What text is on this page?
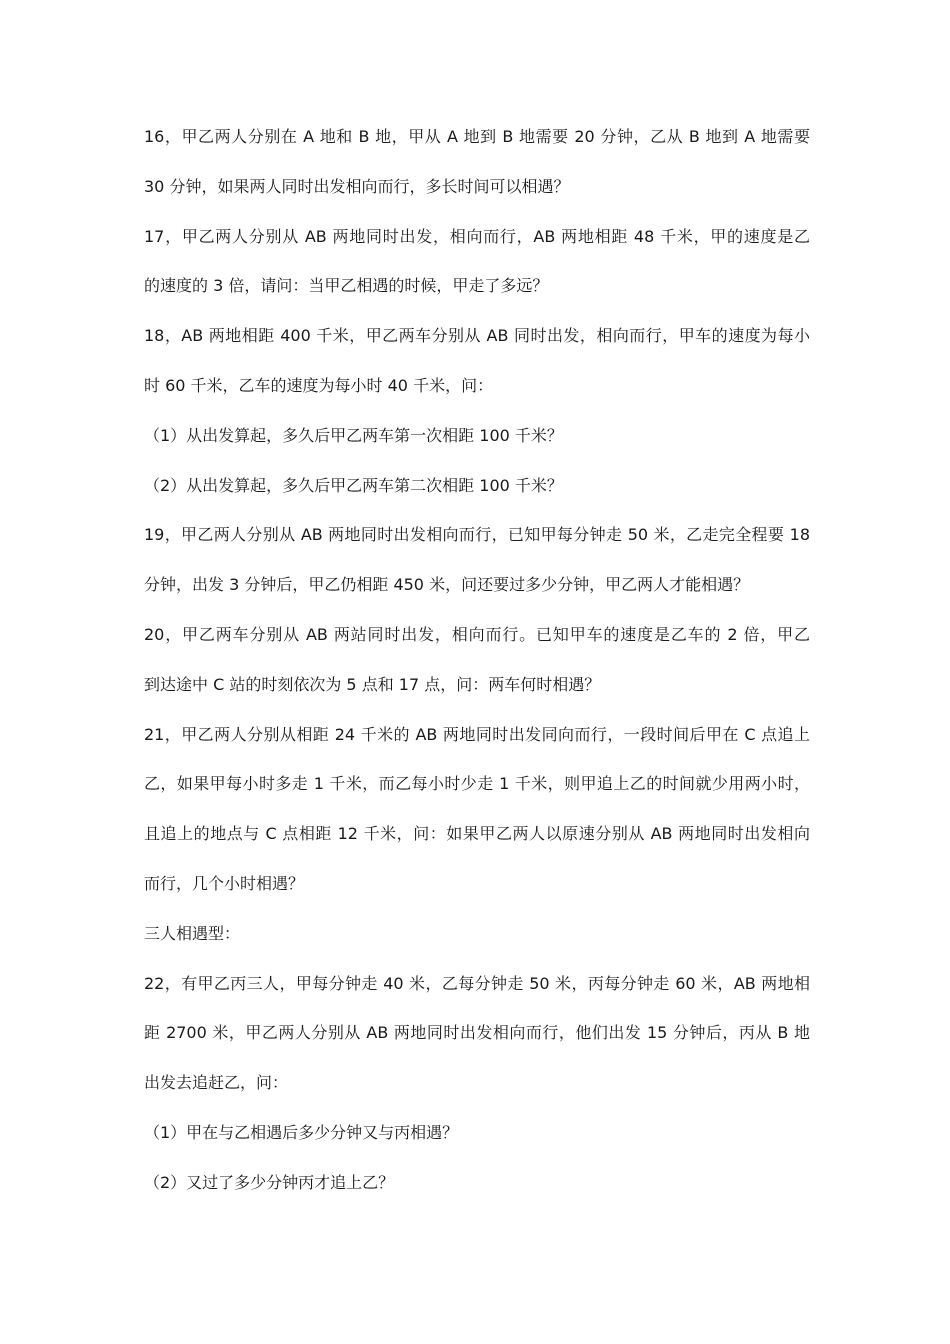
16，甲乙两人分别在 A 地和 B 地，甲从 A 地到 B 地需要 20 分钟，乙从 B 地到 A 地需要
30 分钟，如果两人同时出发相向而行，多长时间可以相遇？
17，甲乙两人分别从 AB 两地同时出发，相向而行，AB 两地相距 48 千米，甲的速度是乙
的速度的 3 倍，请问：当甲乙相遇的时候，甲走了多远？
18，AB 两地相距 400 千米，甲乙两车分别从 AB 同时出发，相向而行，甲车的速度为每小
时 60 千米，乙车的速度为每小时 40 千米，问：
（1）从出发算起，多久后甲乙两车第一次相距 100 千米？
（2）从出发算起，多久后甲乙两车第二次相距 100 千米？
19，甲乙两人分别从 AB 两地同时出发相向而行，已知甲每分钟走 50 米，乙走完全程要 18
分钟，出发 3 分钟后，甲乙仍相距 450 米，问还要过多少分钟，甲乙两人才能相遇？
20，甲乙两车分别从 AB 两站同时出发，相向而行。已知甲车的速度是乙车的 2 倍，甲乙
到达途中 C 站的时刻依次为 5 点和 17 点，问：两车何时相遇？
21，甲乙两人分别从相距 24 千米的 AB 两地同时出发同向而行，一段时间后甲在 C 点追上
乙，如果甲每小时多走 1 千米，而乙每小时少走 1 千米，则甲追上乙的时间就少用两小时，
且追上的地点与 C 点相距 12 千米，问：如果甲乙两人以原速分别从 AB 两地同时出发相向
而行，几个小时相遇？
三人相遇型：
22，有甲乙丙三人，甲每分钟走 40 米，乙每分钟走 50 米，丙每分钟走 60 米，AB 两地相
距 2700 米，甲乙两人分别从 AB 两地同时出发相向而行，他们出发 15 分钟后，丙从 B 地
出发去追赶乙，问：
（1）甲在与乙相遇后多少分钟又与丙相遇？
（2）又过了多少分钟丙才追上乙？
